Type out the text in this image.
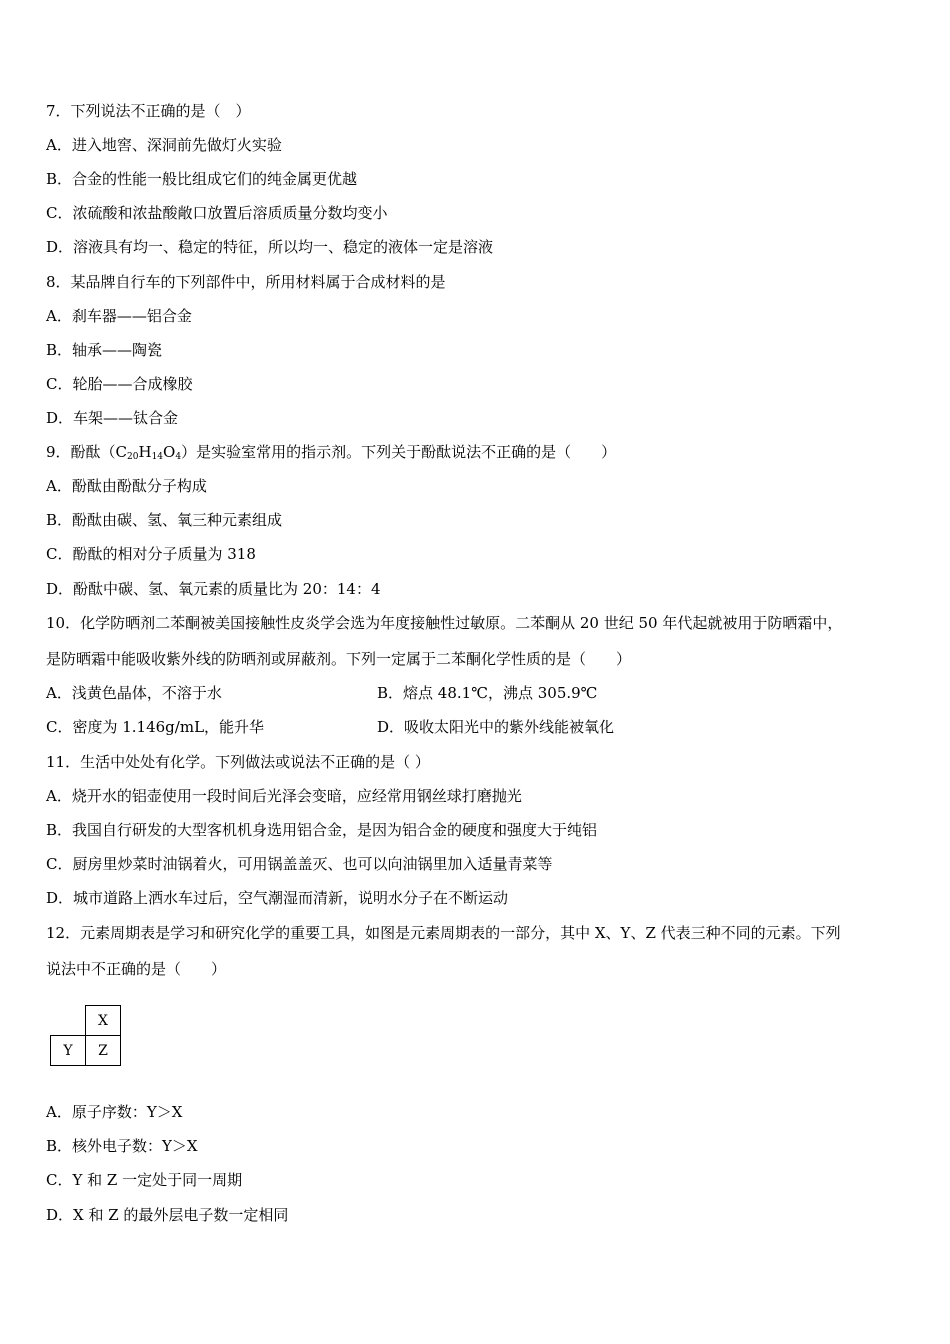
7．下列说法不正确的是（　）
A．进入地窖、深洞前先做灯火实验
B．合金的性能一般比组成它们的纯金属更优越
C．浓硫酸和浓盐酸敞口放置后溶质质量分数均变小
D．溶液具有均一、稳定的特征，所以均一、稳定的液体一定是溶液
8．某品牌自行车的下列部件中，所用材料属于合成材料的是
A．刹车器——铝合金
B．轴承——陶瓷
C．轮胎——合成橡胶
D．车架——钛合金
9．酚酞$(C_{20}H_{14}O_4)$是实验室常用的指示剂。下列关于酚酞说法不正确的是（　　）
A．酚酞由酚酞分子构成
B．酚酞由碳、氢、氧三种元素组成
C．酚酞的相对分子质量为 318
D．酚酞中碳、氢、氧元素的质量比为 20：14：4
10．化学防晒剂二苯酮被美国接触性皮炎学会选为年度接触性过敏原。二苯酮从 20 世纪 50 年代起就被用于防晒霜中，
是防晒霜中能吸收紫外线的防晒剂或屏蔽剂。下列一定属于二苯酮化学性质的是（　　）
A．浅黄色晶体，不溶于水	B．熔点 48.1℃，沸点 305.9℃
C．密度为 1.146g/mL，能升华	D．吸收太阳光中的紫外线能被氧化
11．生活中处处有化学。下列做法或说法不正确的是（ ）
A．烧开水的铝壶使用一段时间后光泽会变暗，应经常用钢丝球打磨抛光
B．我国自行研发的大型客机机身选用铝合金，是因为铝合金的硬度和强度大于纯铝
C．厨房里炒菜时油锅着火，可用锅盖盖灭、也可以向油锅里加入适量青菜等
D．城市道路上洒水车过后，空气潮湿而清新，说明水分子在不断运动
12．元素周期表是学习和研究化学的重要工具，如图是元素周期表的一部分，其中 X、Y、Z 代表三种不同的元素。下列
说法中不正确的是（　　）
	X
Y	Z
A．原子序数：Y＞X
B．核外电子数：Y＞X
C．Y 和 Z 一定处于同一周期
D．X 和 Z 的最外层电子数一定相同
